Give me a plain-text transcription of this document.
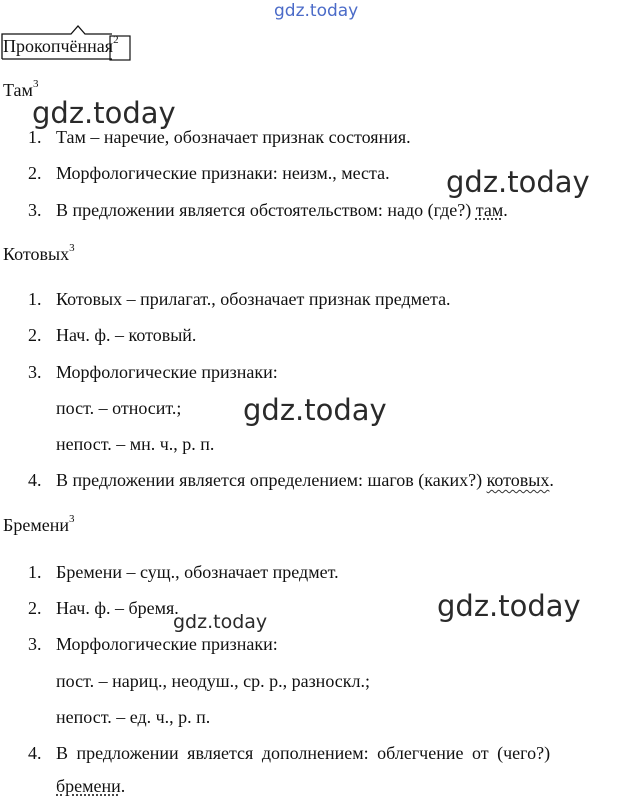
gdz.today
gdz.today
gdz.today
gdz.today
gdz.today
gdz.today
Прокопчённая$^2$
Там$^3$
1. Там – наречие, обозначает признак состояния.
2. Морфологические признаки: неизм., места.
3. В предложении является обстоятельством: надо (где?) там.
Котовых$^3$
1. Котовых – прилагат., обозначает признак предмета.
2. Нач. ф. – котовый.
3. Морфологические признаки:
пост. – относит.;
непост. – мн. ч., р. п.
4. В предложении является определением: шагов (каких?) котовых.
Бремени$^3$
1. Бремени – сущ., обозначает предмет.
2. Нач. ф. – бремя.
3. Морфологические признаки:
пост. – нариц., неодуш., ср. р., разноскл.;
непост. – ед. ч., р. п.
4. В предложении является дополнением: облегчение от (чего?)
бремени.
